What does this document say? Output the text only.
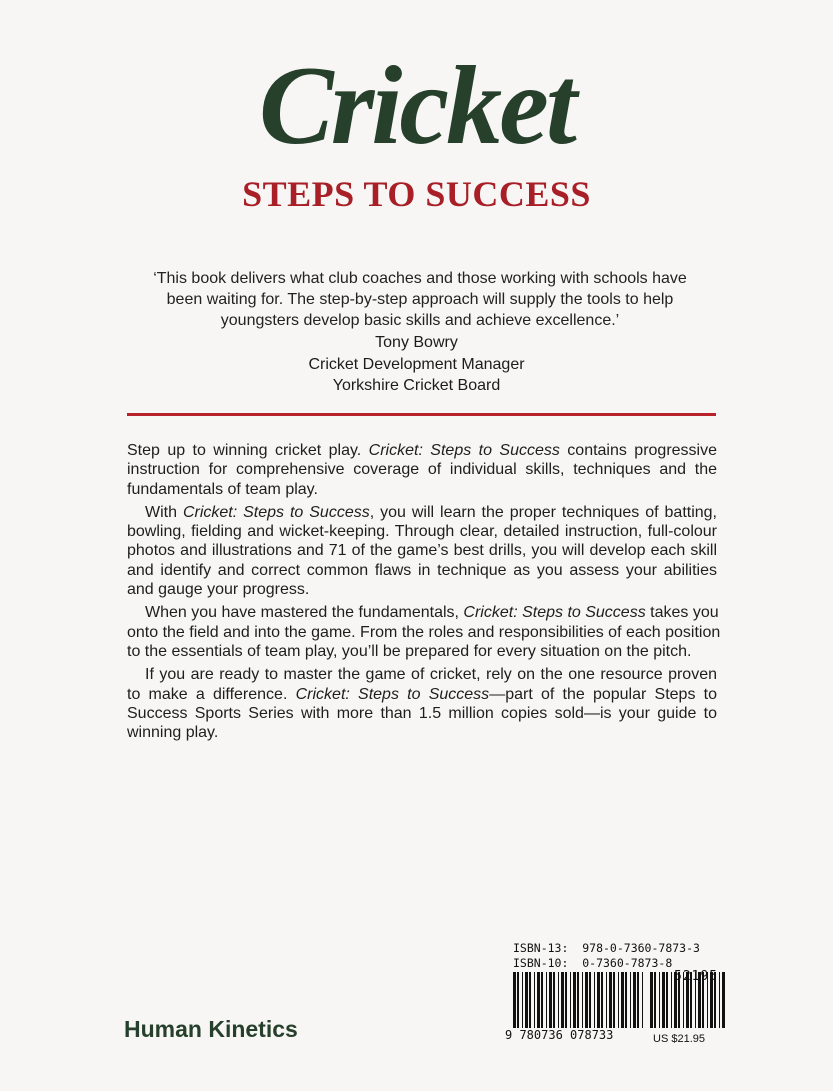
Cricket
STEPS TO SUCCESS
‘This book delivers what club coaches and those working with schools have
been waiting for. The step-by-step approach will supply the tools to help
youngsters develop basic skills and achieve excellence.’
Tony Bowry
Cricket Development Manager
Yorkshire Cricket Board

Step up to winning cricket play. Cricket: Steps to Success contains progressive
instruction for comprehensive coverage of individual skills, techniques and the
fundamentals of team play.

With Cricket: Steps to Success, you will learn the proper techniques of batting,
bowling, fielding and wicket-keeping. Through clear, detailed instruction, full-colour
photos and illustrations and 71 of the game’s best drills, you will develop each skill
and identify and correct common flaws in technique as you assess your abilities
and gauge your progress.

When you have mastered the fundamentals, Cricket: Steps to Success takes you
onto the field and into the game. From the roles and responsibilities of each position
to the essentials of team play, you’ll be prepared for every situation on the pitch.

If you are ready to master the game of cricket, rely on the one resource proven
to make a difference. Cricket: Steps to Success—part of the popular Steps to
Success Sports Series with more than 1.5 million copies sold—is your guide to
winning play.

ISBN-13:  978-0-7360-7873-3
ISBN-10:  0-7360-7873-8
52195
9 780736 078733	US $21.95
Human Kinetics
